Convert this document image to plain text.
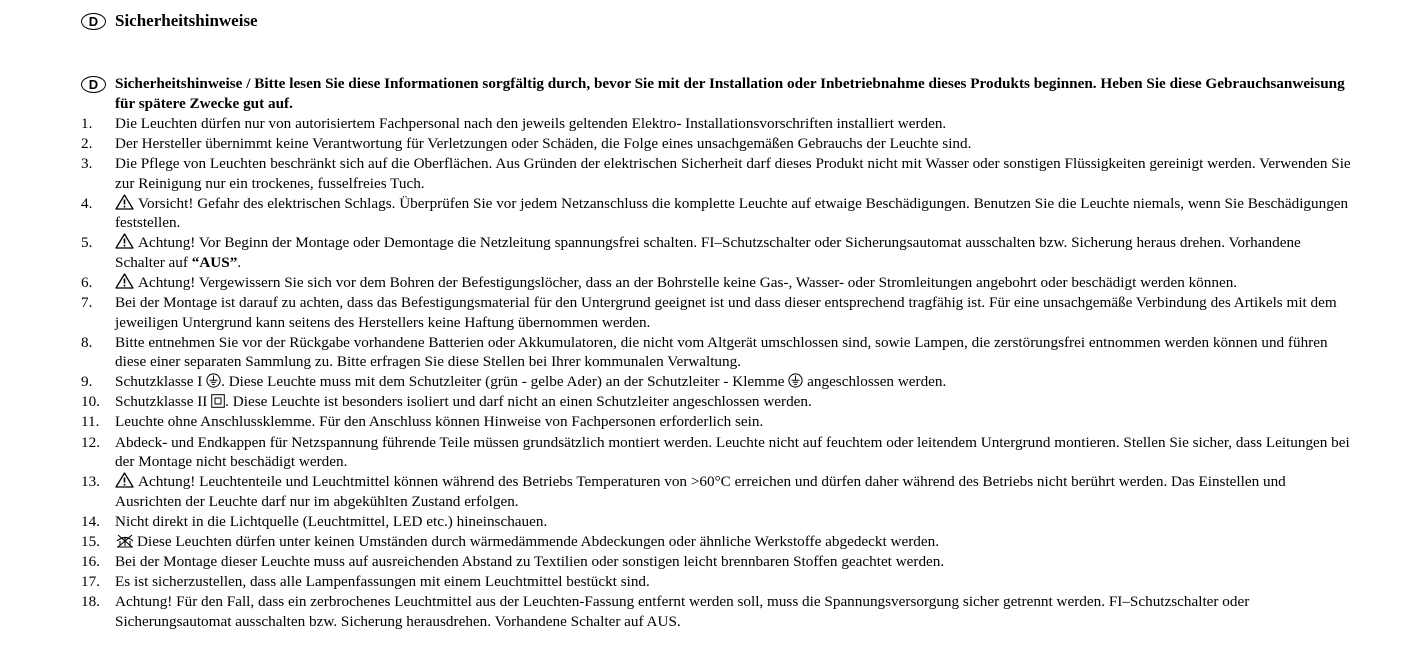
D Sicherheitshinweise
D	Sicherheitshinweise / Bitte lesen Sie diese Informationen sorgfältig durch, bevor Sie mit der Installation oder Inbetriebnahme dieses Produkts beginnen. Heben Sie diese Gebrauchsanweisung für spätere Zwecke gut auf.
1. Die Leuchten dürfen nur von autorisiertem Fachpersonal nach den jeweils geltenden Elektro- Installationsvorschriften installiert werden.
2. Der Hersteller übernimmt keine Verantwortung für Verletzungen oder Schäden, die Folge eines unsachgemäßen Gebrauchs der Leuchte sind.
3. Die Pflege von Leuchten beschränkt sich auf die Oberflächen. Aus Gründen der elektrischen Sicherheit darf dieses Produkt nicht mit Wasser oder sonstigen Flüssigkeiten gereinigt werden. Verwenden Sie zur Reinigung nur ein trockenes, fusselfreies Tuch.
4.	Vorsicht! Gefahr des elektrischen Schlags. Überprüfen Sie vor jedem Netzanschluss die komplette Leuchte auf etwaige Beschädigungen. Benutzen Sie die Leuchte niemals, wenn Sie Beschädigungen feststellen.
5.	Achtung! Vor Beginn der Montage oder Demontage die Netzleitung spannungsfrei schalten. FI–Schutzschalter oder Sicherungsautomat ausschalten bzw. Sicherung heraus drehen. Vorhandene Schalter auf “AUS”.
6.	Achtung! Vergewissern Sie sich vor dem Bohren der Befestigungslöcher, dass an der Bohrstelle keine Gas-, Wasser- oder Stromleitungen angebohrt oder beschädigt werden können.
7. Bei der Montage ist darauf zu achten, dass das Befestigungsmaterial für den Untergrund geeignet ist und dass dieser entsprechend tragfähig ist. Für eine unsachgemäße Verbindung des Artikels mit dem jeweiligen Untergrund kann seitens des Herstellers keine Haftung übernommen werden.
8. Bitte entnehmen Sie vor der Rückgabe vorhandene Batterien oder Akkumulatoren, die nicht vom Altgerät umschlossen sind, sowie Lampen, die zerstörungsfrei entnommen werden können und führen diese einer separaten Sammlung zu. Bitte erfragen Sie diese Stellen bei Ihrer kommunalen Verwaltung.
9. Schutzklasse I . Diese Leuchte muss mit dem Schutzleiter (grün - gelbe Ader) an der Schutzleiter - Klemme  angeschlossen werden.
10. Schutzklasse II . Diese Leuchte ist besonders isoliert und darf nicht an einen Schutzleiter angeschlossen werden.
11. Leuchte ohne Anschlussklemme. Für den Anschluss können Hinweise von Fachpersonen erforderlich sein.
12. Abdeck- und Endkappen für Netzspannung führende Teile müssen grundsätzlich montiert werden. Leuchte nicht auf feuchtem oder leitendem Untergrund montieren. Stellen Sie sicher, dass Leitungen bei der Montage nicht beschädigt werden.
13.	Achtung! Leuchtenteile und Leuchtmittel können während des Betriebs Temperaturen von >60°C erreichen und dürfen daher während des Betriebs nicht berührt werden. Das Einstellen und Ausrichten der Leuchte darf nur im abgekühlten Zustand erfolgen.
14. Nicht direkt in die Lichtquelle (Leuchtmittel, LED etc.) hineinschauen.
15. Diese Leuchten dürfen unter keinen Umständen durch wärmedämmende Abdeckungen oder ähnliche Werkstoffe abgedeckt werden.
16. Bei der Montage dieser Leuchte muss auf ausreichenden Abstand zu Textilien oder sonstigen leicht brennbaren Stoffen geachtet werden.
17. Es ist sicherzustellen, dass alle Lampenfassungen mit einem Leuchtmittel bestückt sind.
18. Achtung! Für den Fall, dass ein zerbrochenes Leuchtmittel aus der Leuchten-Fassung entfernt werden soll, muss die Spannungsversorgung sicher getrennt werden. FI–Schutzschalter oder Sicherungsautomat ausschalten bzw. Sicherung herausdrehen. Vorhandene Schalter auf AUS.
